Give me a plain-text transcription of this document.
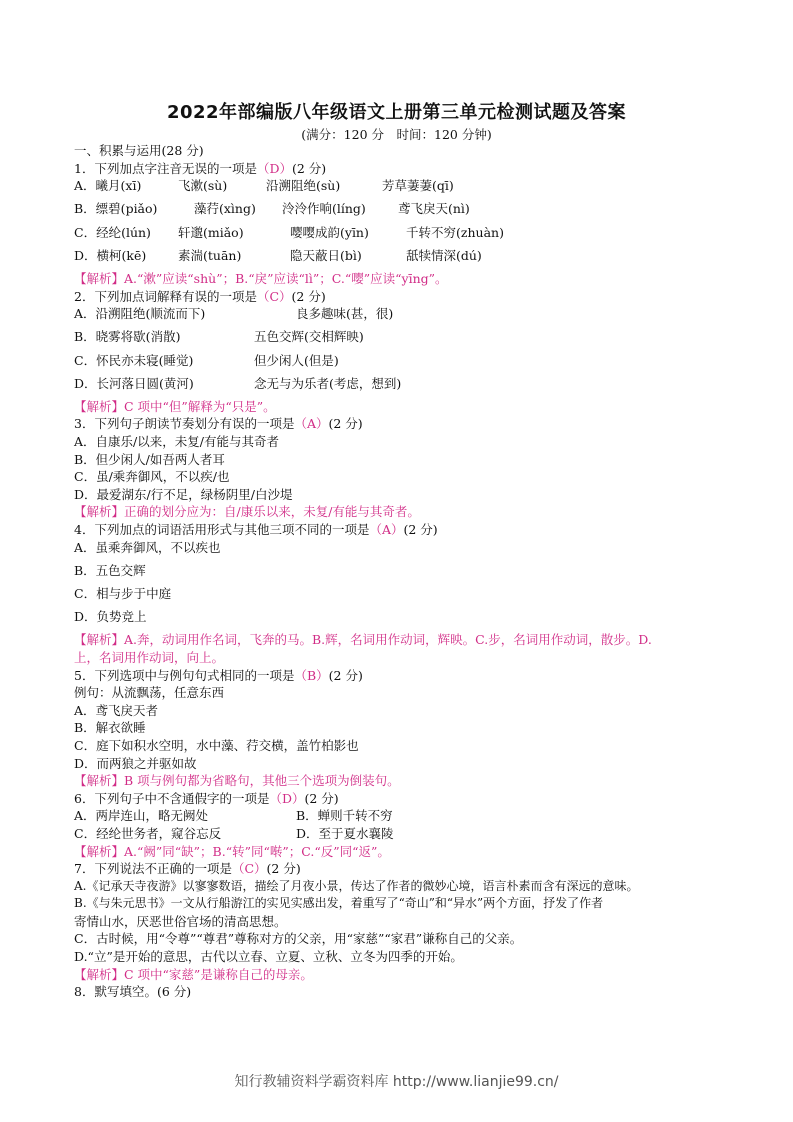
2022年部编版八年级语文上册第三单元检测试题及答案
(满分：120 分　时间：120 分钟)
一、积累与运用(28 分)
1．下列加点字注音无误的一项是（D）(2 分)
A．曦月(xī)	飞漱(sù)	沿溯阻绝(sù)	芳草萋萋(qī)
B．缥碧(piǎo)	藻荇(xìng) 泠泠作响(líng)	鸢飞戾天(nì)
C．经纶(lún) 轩邈(miǎo)	嘤嘤成韵(yīn)	千转不穷(zhuàn)
D．横柯(kē)	素湍(tuān)	隐天蔽日(bì)	舐犊情深(dú)
【解析】A.“漱”应读“shù”；B.“戾”应读“lì”；C.“嘤”应读“yīng”。
2．下列加点词解释有误的一项是（C）(2 分)
A．沿溯阻绝(顺流而下)	良多趣味(甚，很)
B．晓雾将歇(消散)	五色交辉(交相辉映)
C．怀民亦未寝(睡觉)	但少闲人(但是)
D．长河落日圆(黄河)	念无与为乐者(考虑，想到)
【解析】C 项中“但”解释为“只是”。
3．下列句子朗读节奏划分有误的一项是（A）(2 分)
A．自康乐/以来，未复/有能与其奇者
B．但少闲人/如吾两人者耳
C．虽/乘奔御风，不以疾/也
D．最爱湖东/行不足，绿杨阴里/白沙堤
【解析】正确的划分应为：自/康乐以来，未复/有能与其奇者。
4．下列加点的词语活用形式与其他三项不同的一项是（A）(2 分)
A．虽乘奔御风，不以疾也
B．五色交辉
C．相与步于中庭
D．负势竞上
【解析】A.奔，动词用作名词，飞奔的马。B.辉，名词用作动词，辉映。C.步，名词用作动词，散步。D.
上，名词用作动词，向上。
5．下列选项中与例句句式相同的一项是（B）(2 分)
例句：从流飘荡，任意东西
A．鸢飞戾天者
B．解衣欲睡
C．庭下如积水空明，水中藻、荇交横，盖竹柏影也
D．而两狼之并驱如故
【解析】B 项与例句都为省略句，其他三个选项为倒装句。
6．下列句子中不含通假字的一项是（D）(2 分)
A．两岸连山，略无阙处	B．蝉则千转不穷
C．经纶世务者，窥谷忘反	D．至于夏水襄陵
【解析】A.“阙”同“缺”；B.“转”同“啭”；C.“反”同“返”。
7．下列说法不正确的一项是（C）(2 分)
A.《记承天寺夜游》以寥寥数语，描绘了月夜小景，传达了作者的微妙心境，语言朴素而含有深远的意味。
B.《与朱元思书》一文从行船游江的实见实感出发，着重写了“奇山”和“异水”两个方面，抒发了作者
寄情山水，厌恶世俗官场的清高思想。
C．古时候，用“令尊”“尊君”尊称对方的父亲，用“家慈”“家君”谦称自己的父亲。
D.“立”是开始的意思，古代以立春、立夏、立秋、立冬为四季的开始。
【解析】C 项中“家慈”是谦称自己的母亲。
8．默写填空。(6 分)
知行教辅资料学霸资料库 http://www.lianjie99.cn/
